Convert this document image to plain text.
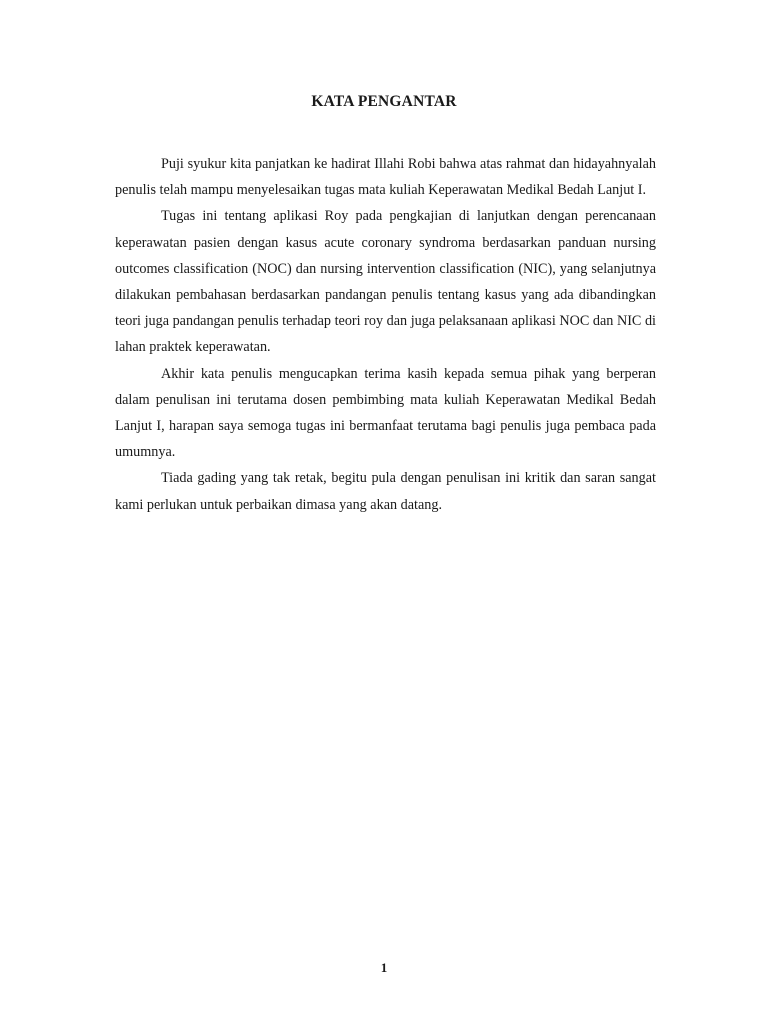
KATA PENGANTAR

Puji syukur kita panjatkan ke hadirat Illahi Robi bahwa atas rahmat dan hidayahnyalah penulis telah mampu menyelesaikan tugas mata kuliah Keperawatan Medikal Bedah Lanjut I.

Tugas ini tentang aplikasi Roy pada pengkajian di lanjutkan dengan perencanaan keperawatan pasien dengan kasus acute coronary syndroma berdasarkan panduan nursing outcomes classification (NOC) dan nursing intervention classification (NIC), yang selanjutnya dilakukan pembahasan berdasarkan pandangan penulis tentang kasus yang ada dibandingkan teori juga pandangan penulis terhadap teori roy dan juga pelaksanaan aplikasi NOC dan NIC di lahan praktek keperawatan.

Akhir kata penulis mengucapkan terima kasih kepada semua pihak yang berperan dalam penulisan ini terutama dosen pembimbing mata kuliah Keperawatan Medikal Bedah Lanjut I, harapan saya semoga tugas ini bermanfaat terutama bagi penulis juga pembaca pada umumnya.

Tiada gading yang tak retak, begitu pula dengan penulisan ini kritik dan saran sangat kami perlukan untuk perbaikan dimasa yang akan datang.

1
